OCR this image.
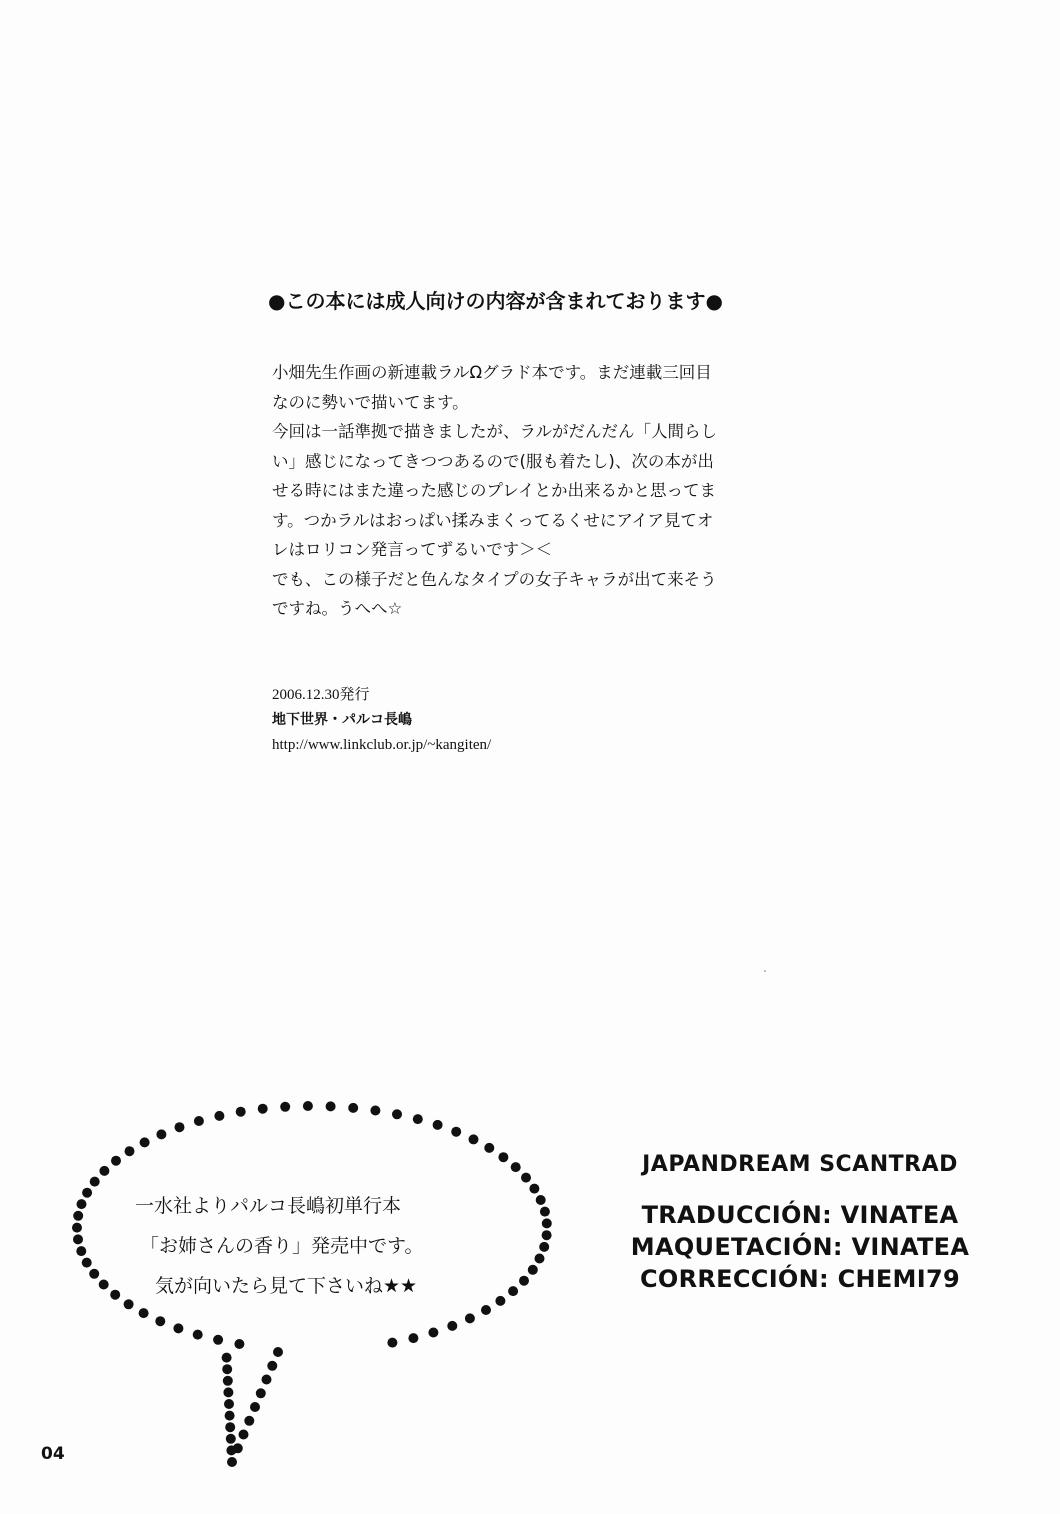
●この本には成人向けの内容が含まれております●
小畑先生作画の新連載ラルΩグラド本です。まだ連載三回目
なのに勢いで描いてます。
今回は一話準拠で描きましたが、ラルがだんだん「人間らし
い」感じになってきつつあるので(服も着たし)、次の本が出
せる時にはまた違った感じのプレイとか出来るかと思ってま
す。つかラルはおっぱい揉みまくってるくせにアイア見てオ
レはロリコン発言ってずるいです＞＜
でも、この様子だと色んなタイプの女子キャラが出て来そう
ですね。うへへ☆
2006.12.30発行
地下世界・パルコ長嶋
http://www.linkclub.or.jp/~kangiten/
一水社よりパルコ長嶋初単行本
「お姉さんの香り」発売中です。
気が向いたら見て下さいね★★
JAPANDREAM SCANTRAD
TRADUCCIÓN: VINATEA
MAQUETACIÓN: VINATEA
CORRECCIÓN: CHEMI79
04
